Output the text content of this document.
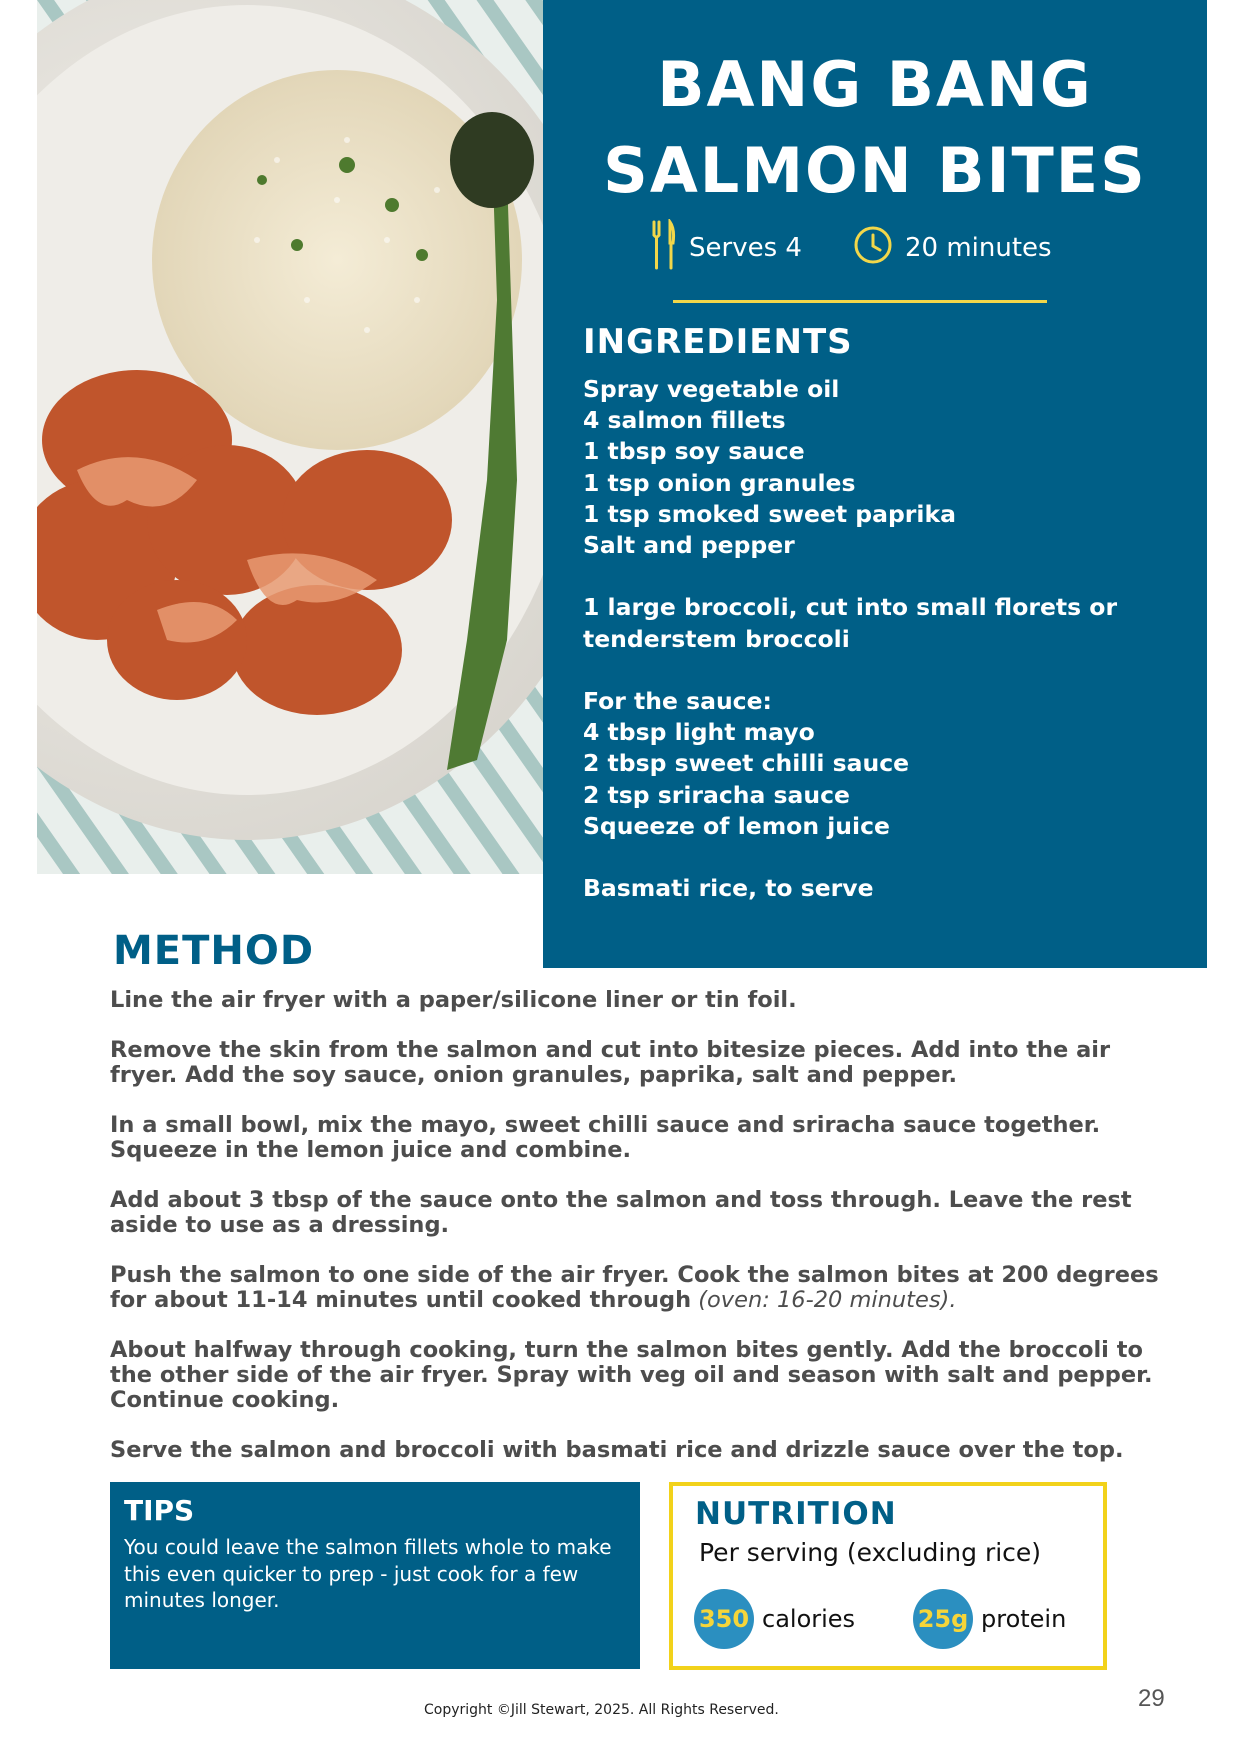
BANG BANG
SALMON BITES
Serves 4	20 minutes
INGREDIENTS
Spray vegetable oil
4 salmon fillets
1 tbsp soy sauce
1 tsp onion granules
1 tsp smoked sweet paprika
Salt and pepper
1 large broccoli, cut into small florets or
tenderstem broccoli
For the sauce:
4 tbsp light mayo
2 tbsp sweet chilli sauce
2 tsp sriracha sauce
Squeeze of lemon juice
Basmati rice, to serve
METHOD

Line the air fryer with a paper/silicone liner or tin foil.

Remove the skin from the salmon and cut into bitesize pieces. Add into the air fryer. Add the soy sauce, onion granules, paprika, salt and pepper.

In a small bowl, mix the mayo, sweet chilli sauce and sriracha sauce together. Squeeze in the lemon juice and combine.

Add about 3 tbsp of the sauce onto the salmon and toss through. Leave the rest aside to use as a dressing.

Push the salmon to one side of the air fryer. Cook the salmon bites at 200 degrees for about 11-14 minutes until cooked through (oven: 16-20 minutes).

About halfway through cooking, turn the salmon bites gently. Add the broccoli to the other side of the air fryer. Spray with veg oil and season with salt and pepper. Continue cooking.

Serve the salmon and broccoli with basmati rice and drizzle sauce over the top.

TIPS

You could leave the salmon fillets whole to make this even quicker to prep - just cook for a few minutes longer.

NUTRITION
Per serving (excluding rice)
350 calories	25g protein
29
Copyright ©Jill Stewart, 2025. All Rights Reserved.
